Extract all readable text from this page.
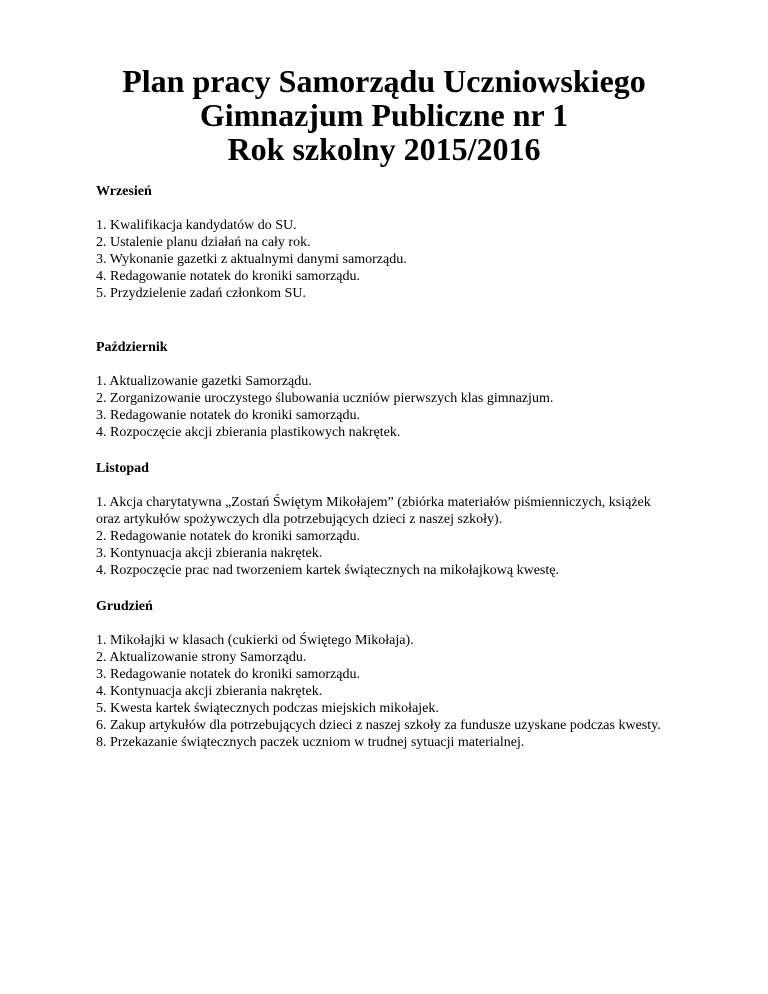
Plan pracy Samorządu Uczniowskiego
Gimnazjum Publiczne nr 1
Rok szkolny 2015/2016
Wrzesień
1. Kwalifikacja kandydatów do SU.
2. Ustalenie planu działań na cały rok.
3. Wykonanie gazetki z aktualnymi danymi samorządu.
4. Redagowanie notatek do kroniki samorządu.
5. Przydzielenie zadań członkom SU.
Październik
1. Aktualizowanie gazetki Samorządu.
2. Zorganizowanie uroczystego ślubowania uczniów pierwszych klas gimnazjum.
3. Redagowanie notatek do kroniki samorządu.
4. Rozpoczęcie akcji zbierania plastikowych nakrętek.
Listopad
1. Akcja charytatywna „Zostań Świętym Mikołajem” (zbiórka materiałów piśmienniczych, książek oraz artykułów spożywczych dla potrzebujących dzieci z naszej szkoły).
2. Redagowanie notatek do kroniki samorządu.
3. Kontynuacja akcji zbierania nakrętek.
4. Rozpoczęcie prac nad tworzeniem kartek świątecznych na mikołajkową kwestę.
Grudzień
1. Mikołajki w klasach (cukierki od Świętego Mikołaja).
2. Aktualizowanie strony Samorządu.
3. Redagowanie notatek do kroniki samorządu.
4. Kontynuacja akcji zbierania nakrętek.
5. Kwesta kartek świątecznych podczas miejskich mikołajek.
6. Zakup artykułów dla potrzebujących dzieci z naszej szkoły za fundusze uzyskane podczas kwesty.
8. Przekazanie świątecznych paczek uczniom w trudnej sytuacji materialnej.
